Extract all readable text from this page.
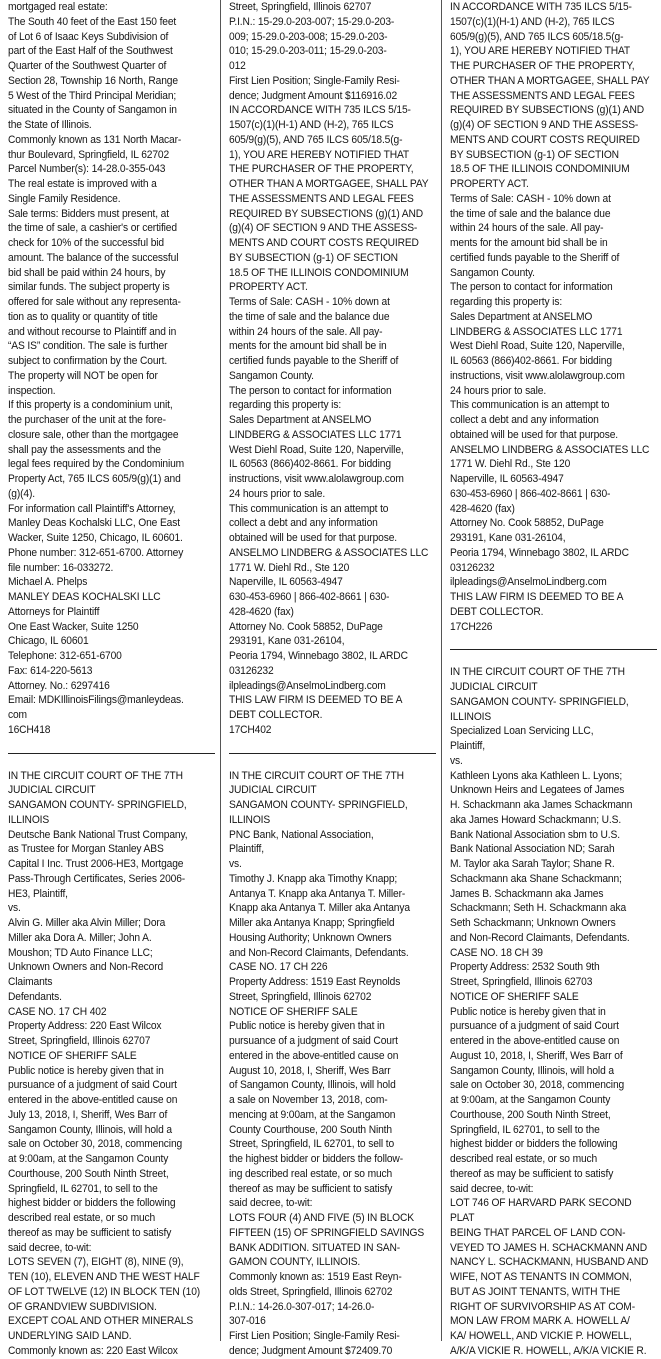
mortgaged real estate:
The South 40 feet of the East 150 feet
of Lot 6 of Isaac Keys Subdivision of
part of the East Half of the Southwest
Quarter of the Southwest Quarter of
Section 28, Township 16 North, Range
5 West of the Third Principal Meridian;
situated in the County of Sangamon in
the State of Illinois.
Commonly known as 131 North Macar-
thur Boulevard, Springfield, IL 62702
Parcel Number(s): 14-28.0-355-043
The real estate is improved with a
Single Family Residence.
Sale terms: Bidders must present, at
the time of sale, a cashier's or certified
check for 10% of the successful bid
amount. The balance of the successful
bid shall be paid within 24 hours, by
similar funds. The subject property is
offered for sale without any representa-
tion as to quality or quantity of title
and without recourse to Plaintiff and in
“AS IS” condition. The sale is further
subject to confirmation by the Court.
The property will NOT be open for
inspection.
If this property is a condominium unit,
the purchaser of the unit at the fore-
closure sale, other than the mortgagee
shall pay the assessments and the
legal fees required by the Condominium
Property Act, 765 ILCS 605/9(g)(1) and
(g)(4).
For information call Plaintiff's Attorney,
Manley Deas Kochalski LLC, One East
Wacker, Suite 1250, Chicago, IL 60601.
Phone number: 312-651-6700. Attorney
file number: 16-033272.
Michael A. Phelps
MANLEY DEAS KOCHALSKI LLC
Attorneys for Plaintiff
One East Wacker, Suite 1250
Chicago, IL 60601
Telephone: 312-651-6700
Fax: 614-220-5613
Attorney. No.: 6297416
Email: MDKIllinoisFilings@manleydeas.
com
16CH418
IN THE CIRCUIT COURT OF THE 7TH
JUDICIAL CIRCUIT
SANGAMON COUNTY- SPRINGFIELD,
ILLINOIS
Deutsche Bank National Trust Company,
as Trustee for Morgan Stanley ABS
Capital I Inc. Trust 2006-HE3, Mortgage
Pass-Through Certificates, Series 2006-
HE3, Plaintiff,
vs.
Alvin G. Miller aka Alvin Miller; Dora
Miller aka Dora A. Miller; John A.
Moushon; TD Auto Finance LLC;
Unknown Owners and Non-Record
Claimants
Defendants.
CASE NO. 17 CH 402
Property Address: 220 East Wilcox
Street, Springfield, Illinois 62707
NOTICE OF SHERIFF SALE
Public notice is hereby given that in
pursuance of a judgment of said Court
entered in the above-entitled cause on
July 13, 2018, I, Sheriff, Wes Barr of
Sangamon County, Illinois, will hold a
sale on October 30, 2018, commencing
at 9:00am, at the Sangamon County
Courthouse, 200 South Ninth Street,
Springfield, IL 62701, to sell to the
highest bidder or bidders the following
described real estate, or so much
thereof as may be sufficient to satisfy
said decree, to-wit:
LOTS SEVEN (7), EIGHT (8), NINE (9),
TEN (10), ELEVEN AND THE WEST HALF
OF LOT TWELVE (12) IN BLOCK TEN (10)
OF GRANDVIEW SUBDIVISION.
EXCEPT COAL AND OTHER MINERALS
UNDERLYING SAID LAND.
Commonly known as: 220 East Wilcox
Street, Springfield, Illinois 62707
P.I.N.: 15-29.0-203-007; 15-29.0-203-
009; 15-29.0-203-008; 15-29.0-203-
010; 15-29.0-203-011; 15-29.0-203-
012
First Lien Position; Single-Family Resi-
dence; Judgment Amount $116916.02
IN ACCORDANCE WITH 735 ILCS 5/15-
1507(c)(1)(H-1) AND (H-2), 765 ILCS
605/9(g)(5), AND 765 ILCS 605/18.5(g-
1), YOU ARE HEREBY NOTIFIED THAT
THE PURCHASER OF THE PROPERTY,
OTHER THAN A MORTGAGEE, SHALL PAY
THE ASSESSMENTS AND LEGAL FEES
REQUIRED BY SUBSECTIONS (g)(1) AND
(g)(4) OF SECTION 9 AND THE ASSESS-
MENTS AND COURT COSTS REQUIRED
BY SUBSECTION (g-1) OF SECTION
18.5 OF THE ILLINOIS CONDOMINIUM
PROPERTY ACT.
Terms of Sale: CASH - 10% down at
the time of sale and the balance due
within 24 hours of the sale. All pay-
ments for the amount bid shall be in
certified funds payable to the Sheriff of
Sangamon County.
The person to contact for information
regarding this property is:
Sales Department at ANSELMO
LINDBERG & ASSOCIATES LLC 1771
West Diehl Road, Suite 120, Naperville,
IL 60563 (866)402-8661. For bidding
instructions, visit www.alolawgroup.com
24 hours prior to sale.
This communication is an attempt to
collect a debt and any information
obtained will be used for that purpose.
ANSELMO LINDBERG & ASSOCIATES LLC
1771 W. Diehl Rd., Ste 120
Naperville, IL 60563-4947
630-453-6960 | 866-402-8661 | 630-
428-4620 (fax)
Attorney No. Cook 58852, DuPage
293191, Kane 031-26104,
Peoria 1794, Winnebago 3802, IL ARDC
03126232
ilpleadings@AnselmoLindberg.com
THIS LAW FIRM IS DEEMED TO BE A
DEBT COLLECTOR.
17CH402
IN THE CIRCUIT COURT OF THE 7TH
JUDICIAL CIRCUIT
SANGAMON COUNTY- SPRINGFIELD,
ILLINOIS
PNC Bank, National Association,
Plaintiff,
vs.
Timothy J. Knapp aka Timothy Knapp;
Antanya T. Knapp aka Antanya T. Miller-
Knapp aka Antanya T. Miller aka Antanya
Miller aka Antanya Knapp; Springfield
Housing Authority; Unknown Owners
and Non-Record Claimants, Defendants.
CASE NO. 17 CH 226
Property Address: 1519 East Reynolds
Street, Springfield, Illinois 62702
NOTICE OF SHERIFF SALE
Public notice is hereby given that in
pursuance of a judgment of said Court
entered in the above-entitled cause on
August 10, 2018, I, Sheriff, Wes Barr
of Sangamon County, Illinois, will hold
a sale on November 13, 2018, com-
mencing at 9:00am, at the Sangamon
County Courthouse, 200 South Ninth
Street, Springfield, IL 62701, to sell to
the highest bidder or bidders the follow-
ing described real estate, or so much
thereof as may be sufficient to satisfy
said decree, to-wit:
LOTS FOUR (4) AND FIVE (5) IN BLOCK
FIFTEEN (15) OF SPRINGFIELD SAVINGS
BANK ADDITION. SITUATED IN SAN-
GAMON COUNTY, ILLINOIS.
Commonly known as: 1519 East Reyn-
olds Street, Springfield, Illinois 62702
P.I.N.: 14-26.0-307-017; 14-26.0-
307-016
First Lien Position; Single-Family Resi-
dence; Judgment Amount $72409.70
IN ACCORDANCE WITH 735 ILCS 5/15-
1507(c)(1)(H-1) AND (H-2), 765 ILCS
605/9(g)(5), AND 765 ILCS 605/18.5(g-
1), YOU ARE HEREBY NOTIFIED THAT
THE PURCHASER OF THE PROPERTY,
OTHER THAN A MORTGAGEE, SHALL PAY
THE ASSESSMENTS AND LEGAL FEES
REQUIRED BY SUBSECTIONS (g)(1) AND
(g)(4) OF SECTION 9 AND THE ASSESS-
MENTS AND COURT COSTS REQUIRED
BY SUBSECTION (g-1) OF SECTION
18.5 OF THE ILLINOIS CONDOMINIUM
PROPERTY ACT.
Terms of Sale: CASH - 10% down at
the time of sale and the balance due
within 24 hours of the sale. All pay-
ments for the amount bid shall be in
certified funds payable to the Sheriff of
Sangamon County.
The person to contact for information
regarding this property is:
Sales Department at ANSELMO
LINDBERG & ASSOCIATES LLC 1771
West Diehl Road, Suite 120, Naperville,
IL 60563 (866)402-8661. For bidding
instructions, visit www.alolawgroup.com
24 hours prior to sale.
This communication is an attempt to
collect a debt and any information
obtained will be used for that purpose.
ANSELMO LINDBERG & ASSOCIATES LLC
1771 W. Diehl Rd., Ste 120
Naperville, IL 60563-4947
630-453-6960 | 866-402-8661 | 630-
428-4620 (fax)
Attorney No. Cook 58852, DuPage
293191, Kane 031-26104,
Peoria 1794, Winnebago 3802, IL ARDC
03126232
ilpleadings@AnselmoLindberg.com
THIS LAW FIRM IS DEEMED TO BE A
DEBT COLLECTOR.
17CH226
IN THE CIRCUIT COURT OF THE 7TH
JUDICIAL CIRCUIT
SANGAMON COUNTY- SPRINGFIELD,
ILLINOIS
Specialized Loan Servicing LLC,
Plaintiff,
vs.
Kathleen Lyons aka Kathleen L. Lyons;
Unknown Heirs and Legatees of James
H. Schackmann aka James Schackmann
aka James Howard Schackmann; U.S.
Bank National Association sbm to U.S.
Bank National Association ND; Sarah
M. Taylor aka Sarah Taylor; Shane R.
Schackmann aka Shane Schackmann;
James B. Schackmann aka James
Schackmann; Seth H. Schackmann aka
Seth Schackmann; Unknown Owners
and Non-Record Claimants, Defendants.
CASE NO. 18 CH 39
Property Address: 2532 South 9th
Street, Springfield, Illinois 62703
NOTICE OF SHERIFF SALE
Public notice is hereby given that in
pursuance of a judgment of said Court
entered in the above-entitled cause on
August 10, 2018, I, Sheriff, Wes Barr of
Sangamon County, Illinois, will hold a
sale on October 30, 2018, commencing
at 9:00am, at the Sangamon County
Courthouse, 200 South Ninth Street,
Springfield, IL 62701, to sell to the
highest bidder or bidders the following
described real estate, or so much
thereof as may be sufficient to satisfy
said decree, to-wit:
LOT 746 OF HARVARD PARK SECOND
PLAT
BEING THAT PARCEL OF LAND CON-
VEYED TO JAMES H. SCHACKMANN AND
NANCY L. SCHACKMANN, HUSBAND AND
WIFE, NOT AS TENANTS IN COMMON,
BUT AS JOINT TENANTS, WITH THE
RIGHT OF SURVIVORSHIP AS AT COM-
MON LAW FROM MARK A. HOWELL A/
KA/ HOWELL, AND VICKIE P. HOWELL,
A/K/A VICKIE R. HOWELL, A/K/A VICKIE R.
